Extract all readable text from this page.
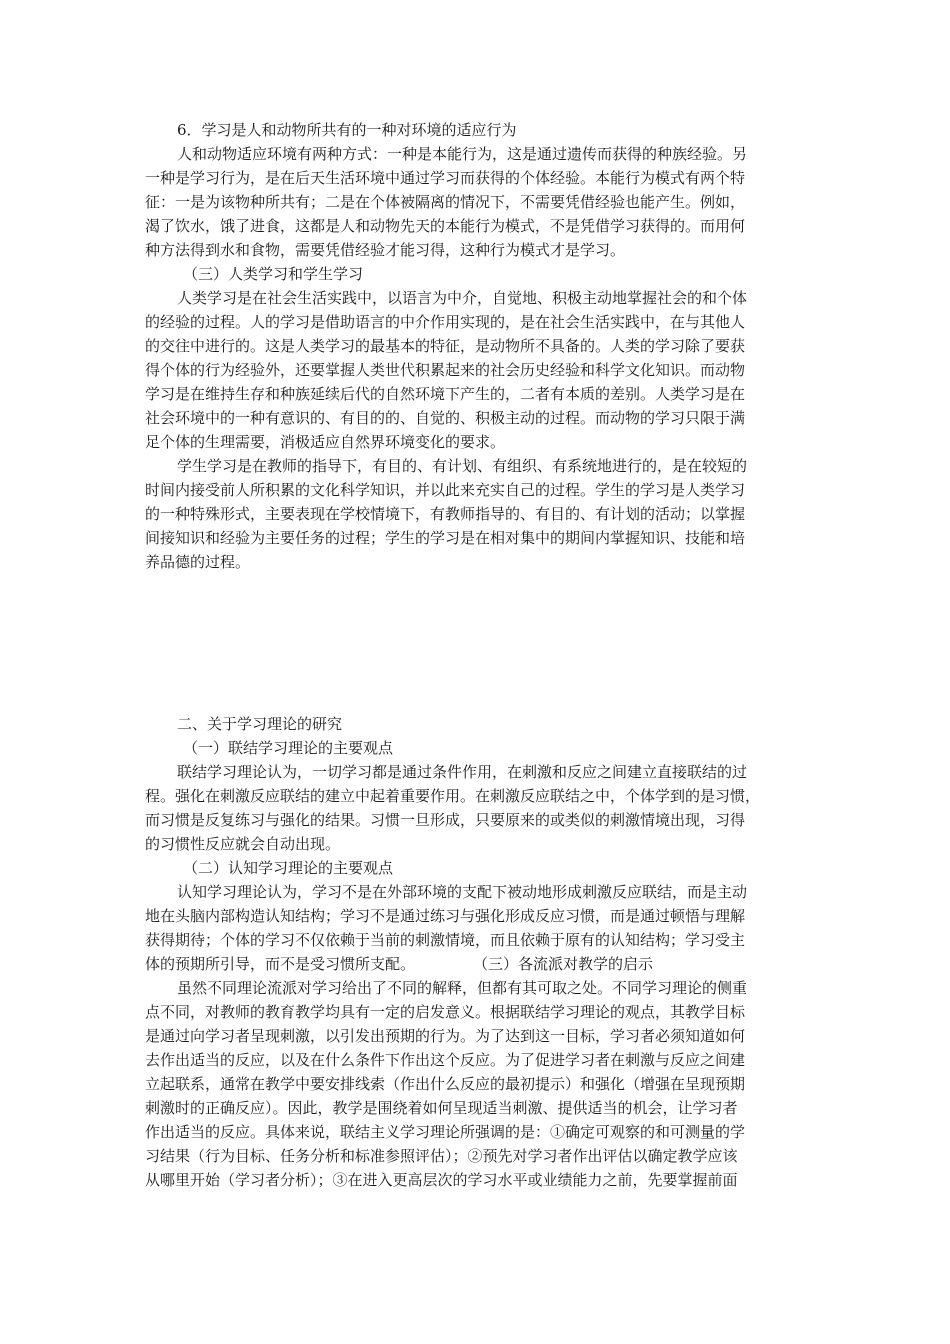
6．学习是人和动物所共有的一种对环境的适应行为
人和动物适应环境有两种方式：一种是本能行为，这是通过遗传而获得的种族经验。另
一种是学习行为，是在后天生活环境中通过学习而获得的个体经验。本能行为模式有两个特
征：一是为该物种所共有；二是在个体被隔离的情况下，不需要凭借经验也能产生。例如，
渴了饮水，饿了进食，这都是人和动物先天的本能行为模式，不是凭借学习获得的。而用何
种方法得到水和食物，需要凭借经验才能习得，这种行为模式才是学习。
（三）人类学习和学生学习
人类学习是在社会生活实践中，以语言为中介，自觉地、积极主动地掌握社会的和个体
的经验的过程。人的学习是借助语言的中介作用实现的，是在社会生活实践中，在与其他人
的交往中进行的。这是人类学习的最基本的特征，是动物所不具备的。人类的学习除了要获
得个体的行为经验外，还要掌握人类世代积累起来的社会历史经验和科学文化知识。而动物
学习是在维持生存和种族延续后代的自然环境下产生的，二者有本质的差别。人类学习是在
社会环境中的一种有意识的、有目的的、自觉的、积极主动的过程。而动物的学习只限于满
足个体的生理需要，消极适应自然界环境变化的要求。
学生学习是在教师的指导下，有目的、有计划、有组织、有系统地进行的，是在较短的
时间内接受前人所积累的文化科学知识，并以此来充实自己的过程。学生的学习是人类学习
的一种特殊形式，主要表现在学校情境下，有教师指导的、有目的、有计划的活动；以掌握
间接知识和经验为主要任务的过程；学生的学习是在相对集中的期间内掌握知识、技能和培
养品德的过程。
二、关于学习理论的研究
（一）联结学习理论的主要观点
联结学习理论认为，一切学习都是通过条件作用，在刺激和反应之间建立直接联结的过
程。强化在刺激反应联结的建立中起着重要作用。在刺激反应联结之中，个体学到的是习惯，
而习惯是反复练习与强化的结果。习惯一旦形成，只要原来的或类似的刺激情境出现，习得
的习惯性反应就会自动出现。
（二）认知学习理论的主要观点
认知学习理论认为，学习不是在外部环境的支配下被动地形成刺激反应联结，而是主动
地在头脑内部构造认知结构；学习不是通过练习与强化形成反应习惯，而是通过顿悟与理解
获得期待；个体的学习不仅依赖于当前的刺激情境，而且依赖于原有的认知结构；学习受主
体的预期所引导，而不是受习惯所支配。	（三）各流派对教学的启示
虽然不同理论流派对学习给出了不同的解释，但都有其可取之处。不同学习理论的侧重
点不同，对教师的教育教学均具有一定的启发意义。根据联结学习理论的观点，其教学目标
是通过向学习者呈现刺激，以引发出预期的行为。为了达到这一目标，学习者必须知道如何
去作出适当的反应，以及在什么条件下作出这个反应。为了促进学习者在刺激与反应之间建
立起联系，通常在教学中要安排线索（作出什么反应的最初提示）和强化（增强在呈现预期
刺激时的正确反应）。因此，教学是围绕着如何呈现适当刺激、提供适当的机会，让学习者
作出适当的反应。具体来说，联结主义学习理论所强调的是：①确定可观察的和可测量的学
习结果（行为目标、任务分析和标准参照评估）；②预先对学习者作出评估以确定教学应该
从哪里开始（学习者分析）；③在进入更高层次的学习水平或业绩能力之前，先要掌握前面
